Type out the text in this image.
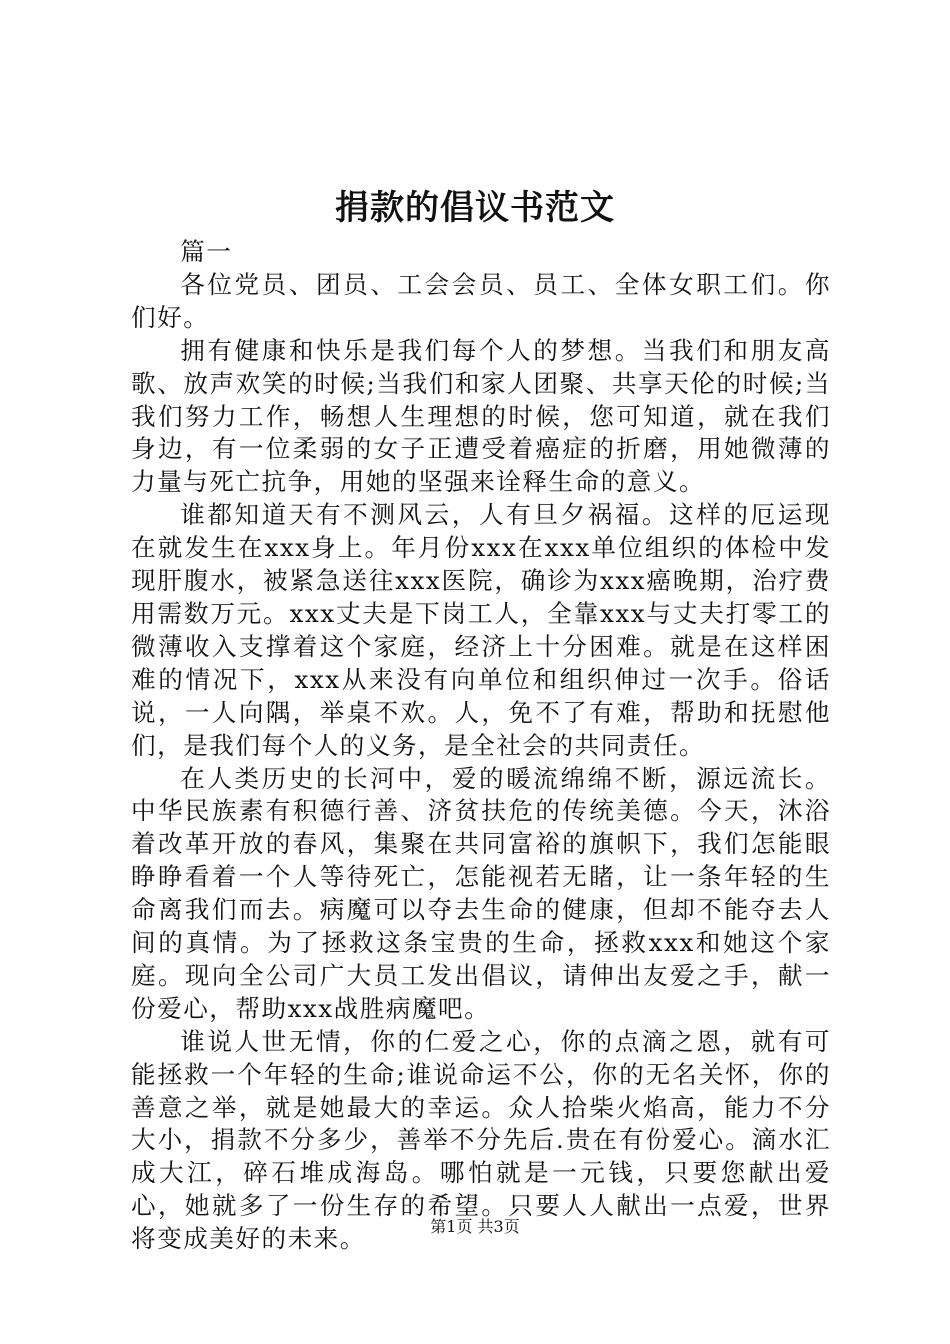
捐款的倡议书范文

篇一

各位党员、团员、工会会员、员工、全体女职工们。你们好。

拥有健康和快乐是我们每个人的梦想。当我们和朋友高歌、放声欢笑的时候;当我们和家人团聚、共享天伦的时候;当我们努力工作，畅想人生理想的时候，您可知道，就在我们身边，有一位柔弱的女子正遭受着癌症的折磨，用她微薄的力量与死亡抗争，用她的坚强来诠释生命的意义。

谁都知道天有不测风云，人有旦夕祸福。这样的厄运现在就发生在xxx身上。年月份xxx在xxx单位组织的体检中发现肝腹水，被紧急送往xxx医院，确诊为xxx癌晚期，治疗费用需数万元。xxx丈夫是下岗工人，全靠xxx与丈夫打零工的微薄收入支撑着这个家庭，经济上十分困难。就是在这样困难的情况下，xxx从来没有向单位和组织伸过一次手。俗话说，一人向隅，举桌不欢。人，免不了有难，帮助和抚慰他们，是我们每个人的义务，是全社会的共同责任。

在人类历史的长河中，爱的暖流绵绵不断，源远流长。中华民族素有积德行善、济贫扶危的传统美德。今天，沐浴着改革开放的春风，集聚在共同富裕的旗帜下，我们怎能眼睁睁看着一个人等待死亡，怎能视若无睹，让一条年轻的生命离我们而去。病魔可以夺去生命的健康，但却不能夺去人间的真情。为了拯救这条宝贵的生命，拯救xxx和她这个家庭。现向全公司广大员工发出倡议，请伸出友爱之手，献一份爱心，帮助xxx战胜病魔吧。

谁说人世无情，你的仁爱之心，你的点滴之恩，就有可能拯救一个年轻的生命;谁说命运不公，你的无名关怀，你的善意之举，就是她最大的幸运。众人拾柴火焰高，能力不分大小，捐款不分多少，善举不分先后.贵在有份爱心。滴水汇成大江，碎石堆成海岛。哪怕就是一元钱，只要您献出爱心，她就多了一份生存的希望。只要人人献出一点爱，世界将变成美好的未来。	第1页 共3页
